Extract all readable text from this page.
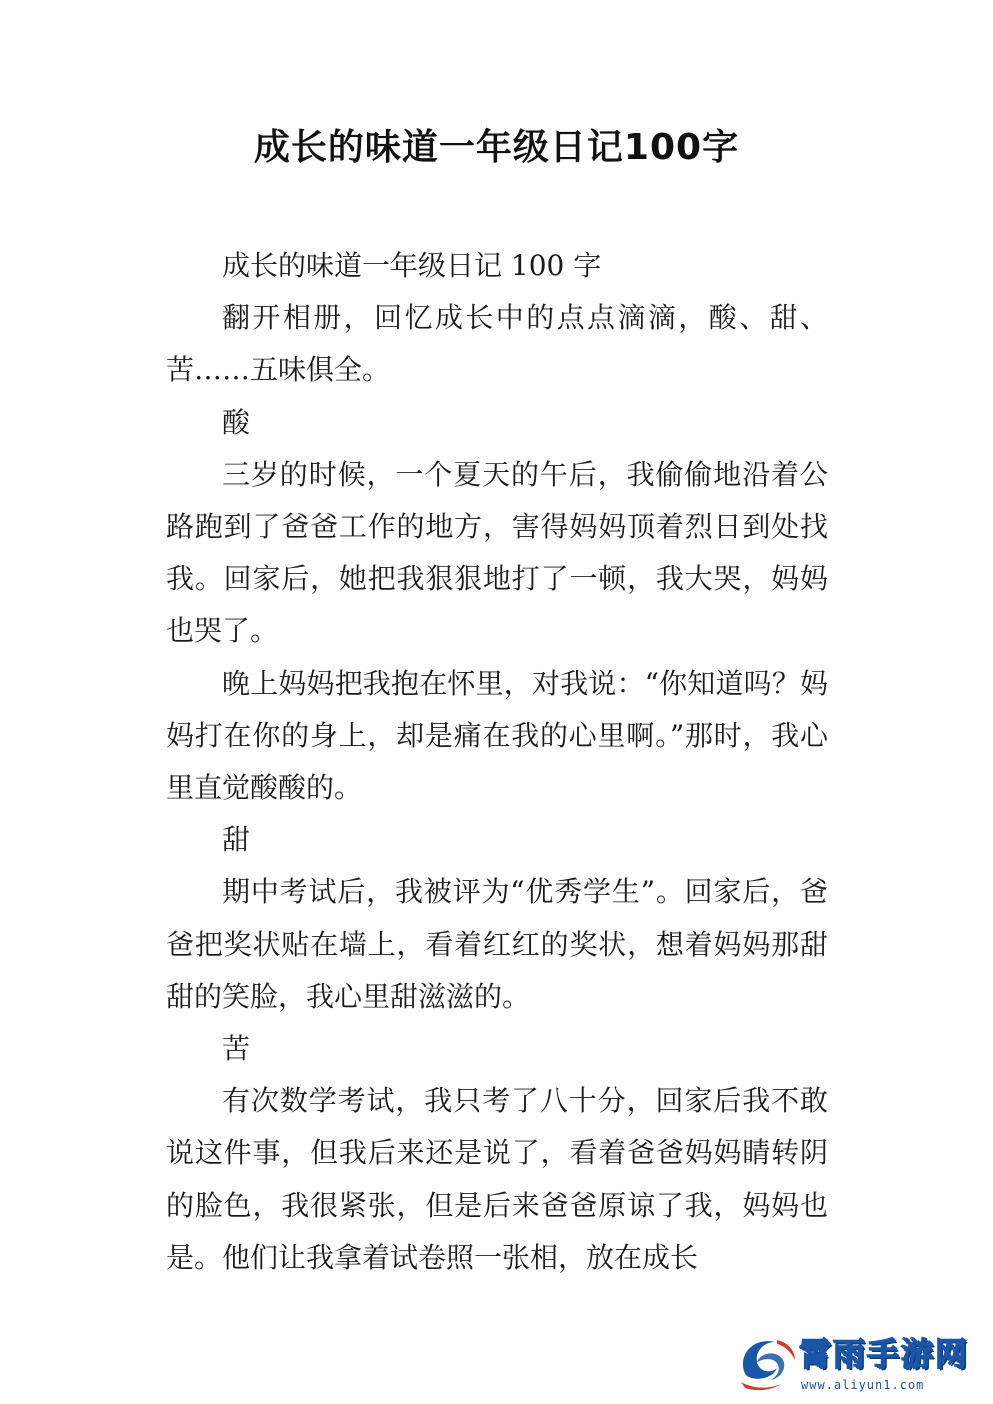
成长的味道一年级日记100字

成长的味道一年级日记 100 字

翻开相册，回忆成长中的点点滴滴，酸、甜、苦……五味俱全。

酸

三岁的时候，一个夏天的午后，我偷偷地沿着公路跑到了爸爸工作的地方，害得妈妈顶着烈日到处找我。回家后，她把我狠狠地打了一顿，我大哭，妈妈也哭了。

晚上妈妈把我抱在怀里，对我说：“你知道吗？妈妈打在你的身上，却是痛在我的心里啊。”那时，我心里直觉酸酸的。

甜

期中考试后，我被评为“优秀学生”。回家后，爸爸把奖状贴在墙上，看着红红的奖状，想着妈妈那甜甜的笑脸，我心里甜滋滋的。

苦

有次数学考试，我只考了八十分，回家后我不敢说这件事，但我后来还是说了，看着爸爸妈妈睛转阴的脸色，我很紧张，但是后来爸爸原谅了我，妈妈也是。他们让我拿着试卷照一张相，放在成长

霄雨手游网
www.aliyun1.com
